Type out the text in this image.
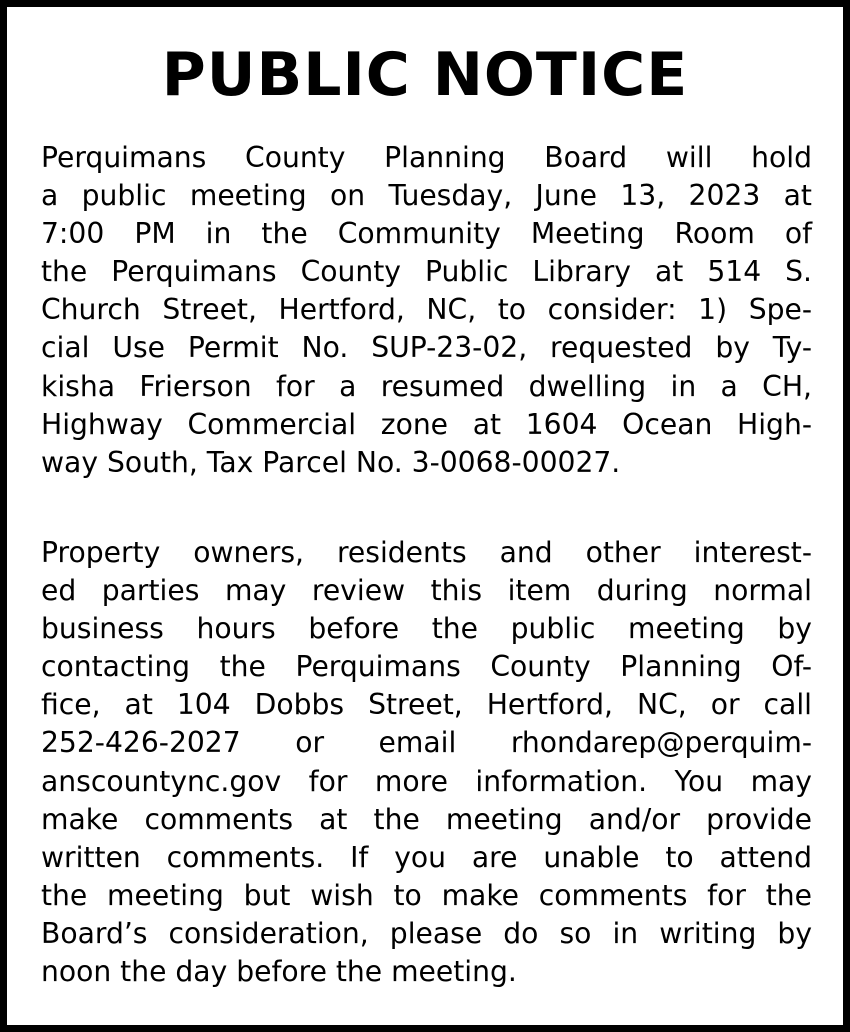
PUBLIC NOTICE
Perquimans County Planning Board will hold
a public meeting on Tuesday, June 13, 2023 at
7:00 PM in the Community Meeting Room of
the Perquimans County Public Library at 514 S.
Church Street, Hertford, NC, to consider: 1) Spe-
cial Use Permit No. SUP-23-02, requested by Ty-
kisha Frierson for a resumed dwelling in a CH,
Highway Commercial zone at 1604 Ocean High-
way South, Tax Parcel No. 3-0068-00027.
Property owners, residents and other interest-
ed parties may review this item during normal
business hours before the public meeting by
contacting the Perquimans County Planning Of-
fice, at 104 Dobbs Street, Hertford, NC, or call
252-426-2027 or email rhondarep@perquim-
anscountync.gov for more information. You may
make comments at the meeting and/or provide
written comments. If you are unable to attend
the meeting but wish to make comments for the
Board’s consideration, please do so in writing by
noon the day before the meeting.
